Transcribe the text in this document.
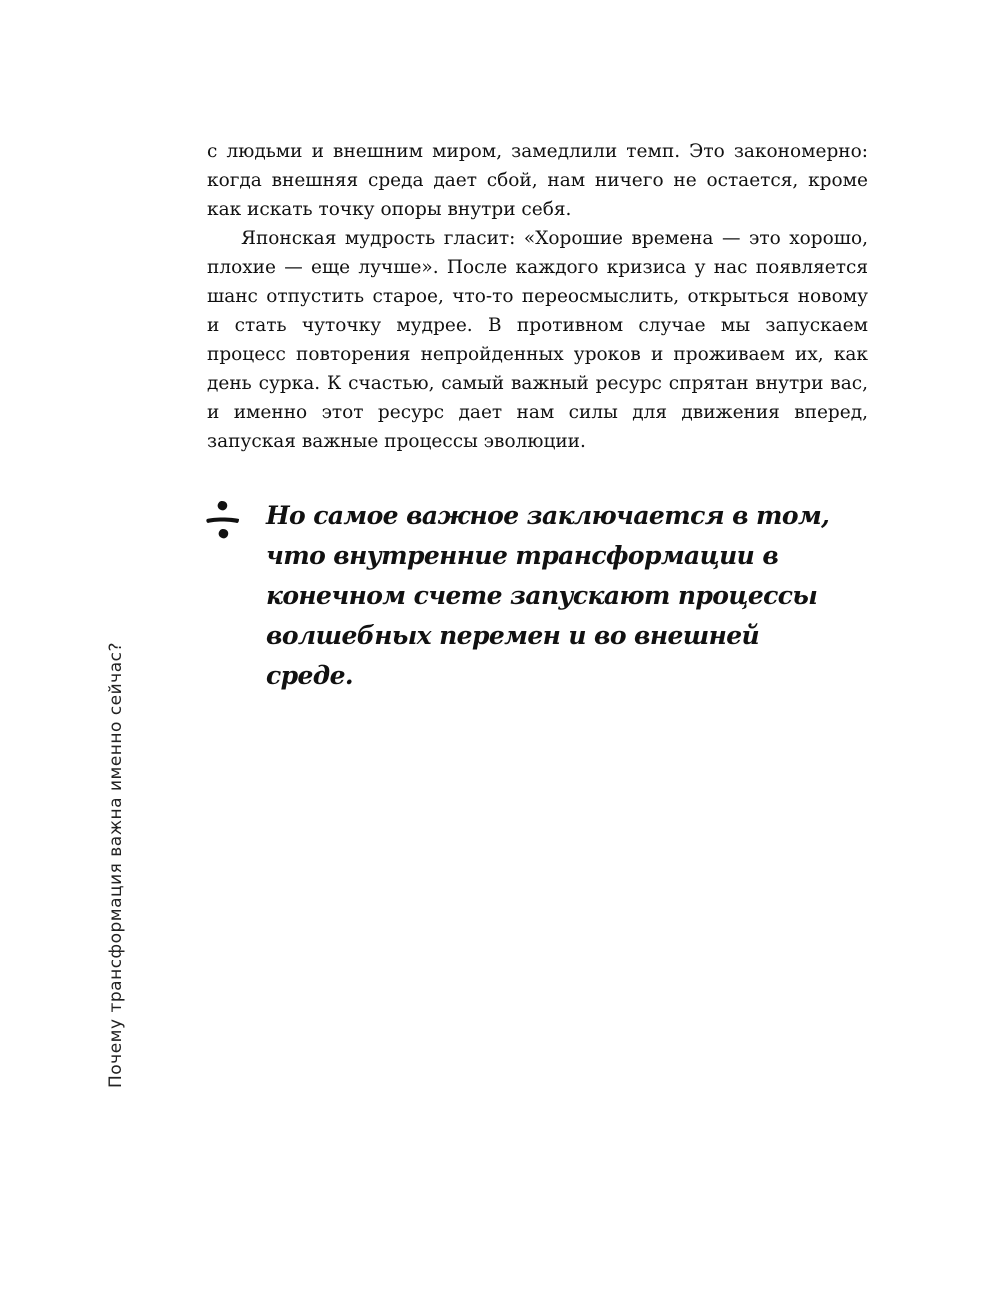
с людьми и внешним миром, замедлили темп. Это закономерно: когда внешняя среда дает сбой, нам ничего не остается, кроме как искать точку опоры внутри себя.

Японская мудрость гласит: «Хорошие времена — это хорошо, плохие — еще лучше». После каждого кризиса у нас появляется шанс отпустить старое, что-то переосмыслить, открыться новому и стать чуточку мудрее. В противном случае мы запускаем процесс повторения непройденных уроков и проживаем их, как день сурка. К счастью, самый важный ресурс спрятан внутри вас, и именно этот ресурс дает нам силы для движения вперед, запуская важные процессы эволюции.

Но самое важное заключается в том, что внутренние трансформации в конечном счете запускают процессы волшебных перемен и во внешней среде.

Почему трансформация важна именно сейчас?
